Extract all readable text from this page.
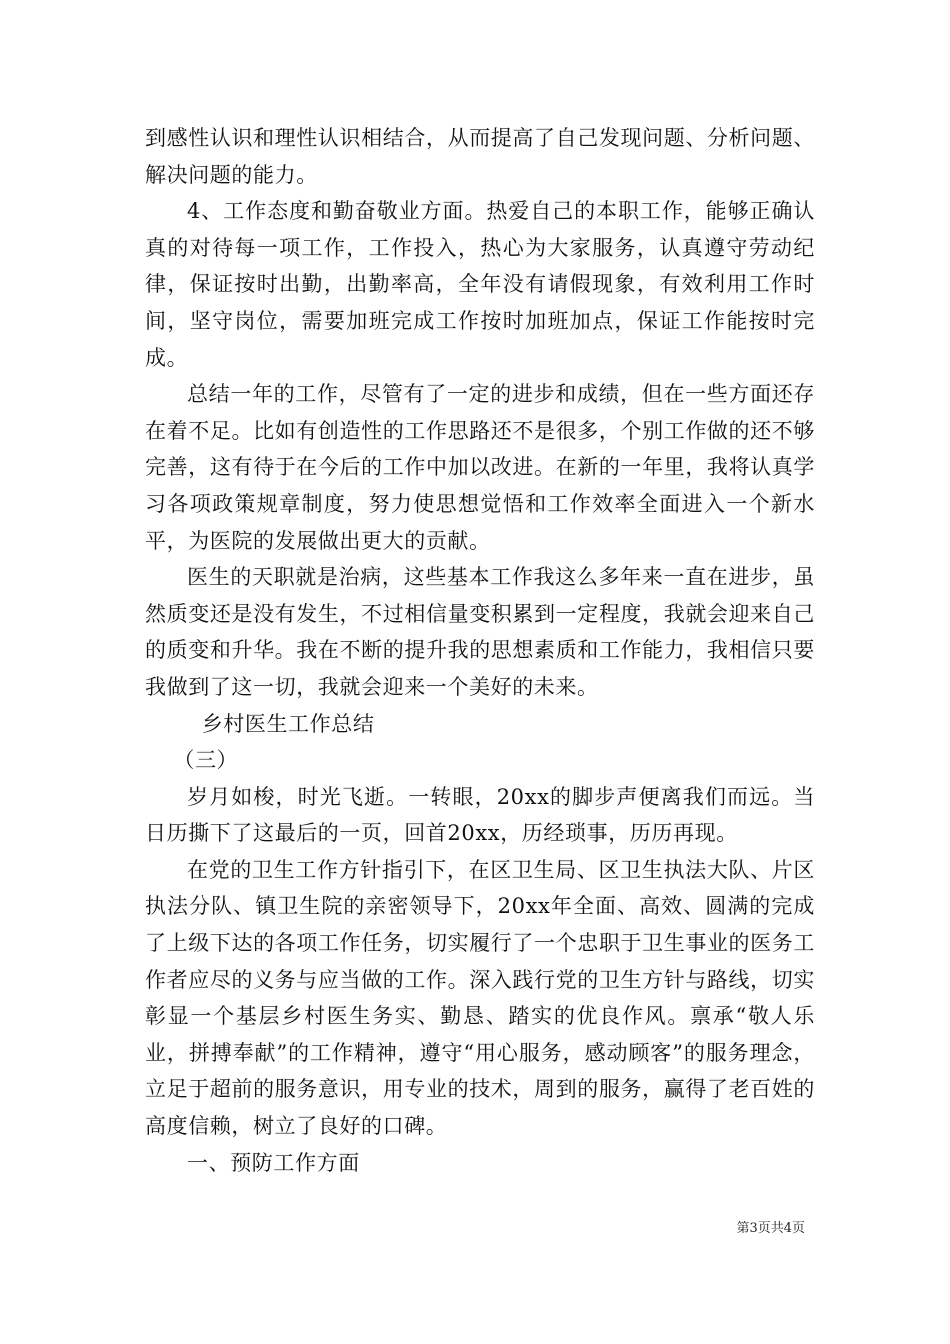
到感性认识和理性认识相结合，从而提高了自己发现问题、分析问题、解决问题的能力。

4、工作态度和勤奋敬业方面。热爱自己的本职工作，能够正确认真的对待每一项工作，工作投入，热心为大家服务，认真遵守劳动纪律，保证按时出勤，出勤率高，全年没有请假现象，有效利用工作时间，坚守岗位，需要加班完成工作按时加班加点，保证工作能按时完成。

总结一年的工作，尽管有了一定的进步和成绩，但在一些方面还存在着不足。比如有创造性的工作思路还不是很多，个别工作做的还不够完善，这有待于在今后的工作中加以改进。在新的一年里，我将认真学习各项政策规章制度，努力使思想觉悟和工作效率全面进入一个新水平，为医院的发展做出更大的贡献。

医生的天职就是治病，这些基本工作我这么多年来一直在进步，虽然质变还是没有发生，不过相信量变积累到一定程度，我就会迎来自己的质变和升华。我在不断的提升我的思想素质和工作能力，我相信只要我做到了这一切，我就会迎来一个美好的未来。

乡村医生工作总结

（三）

岁月如梭，时光飞逝。一转眼，20xx的脚步声便离我们而远。当日历撕下了这最后的一页，回首20xx，历经琐事，历历再现。

在党的卫生工作方针指引下，在区卫生局、区卫生执法大队、片区执法分队、镇卫生院的亲密领导下，20xx年全面、高效、圆满的完成了上级下达的各项工作任务，切实履行了一个忠职于卫生事业的医务工作者应尽的义务与应当做的工作。深入践行党的卫生方针与路线，切实彰显一个基层乡村医生务实、勤恳、踏实的优良作风。禀承“敬人乐业，拼搏奉献”的工作精神，遵守“用心服务，感动顾客”的服务理念，立足于超前的服务意识，用专业的技术，周到的服务，赢得了老百姓的高度信赖，树立了良好的口碑。

一、预防工作方面

第3页共4页
